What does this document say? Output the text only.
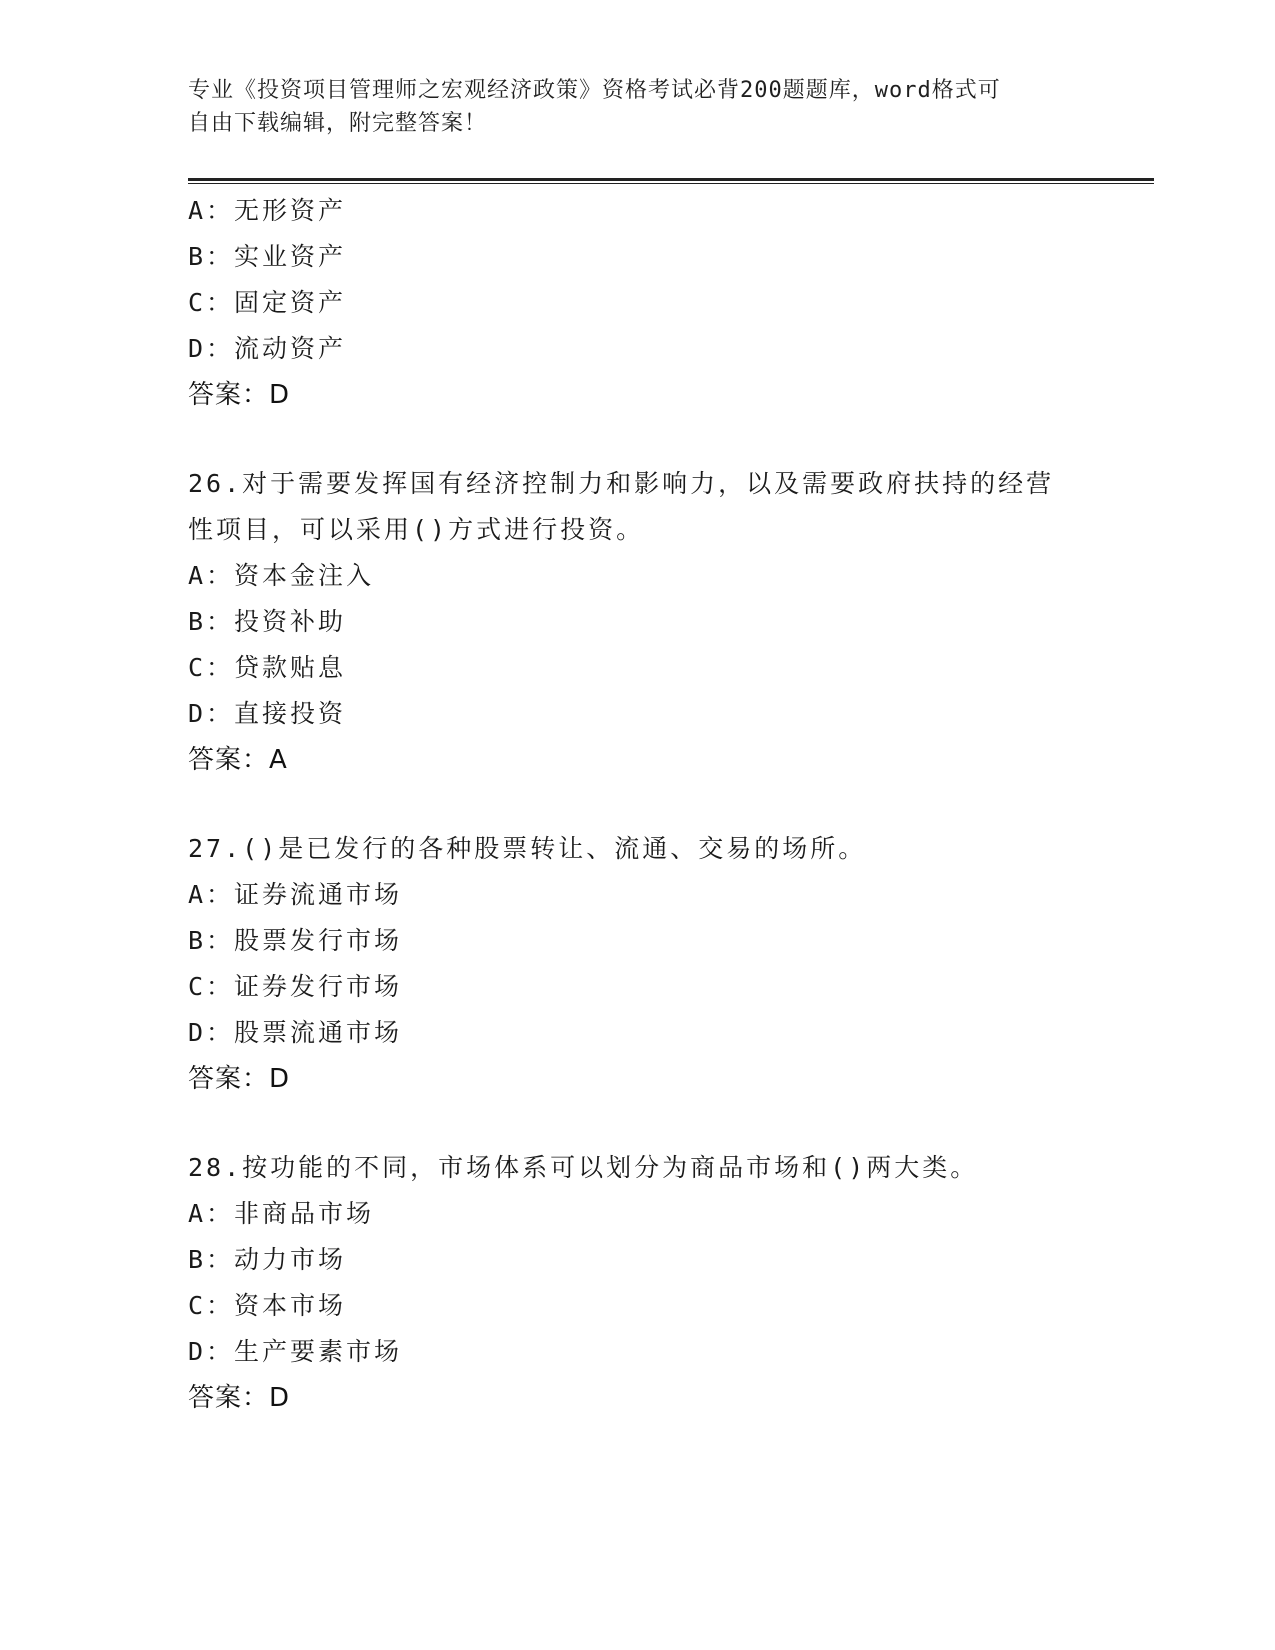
专业《投资项目管理师之宏观经济政策》资格考试必背200题题库，word格式可
自由下载编辑，附完整答案！
A：无形资产
B：实业资产
C：固定资产
D：流动资产
答案：D
26.对于需要发挥国有经济控制力和影响力，以及需要政府扶持的经营
性项目，可以采用()方式进行投资。
A：资本金注入
B：投资补助
C：贷款贴息
D：直接投资
答案：A
27.()是已发行的各种股票转让、流通、交易的场所。
A：证券流通市场
B：股票发行市场
C：证券发行市场
D：股票流通市场
答案：D
28.按功能的不同，市场体系可以划分为商品市场和()两大类。
A：非商品市场
B：动力市场
C：资本市场
D：生产要素市场
答案：D
